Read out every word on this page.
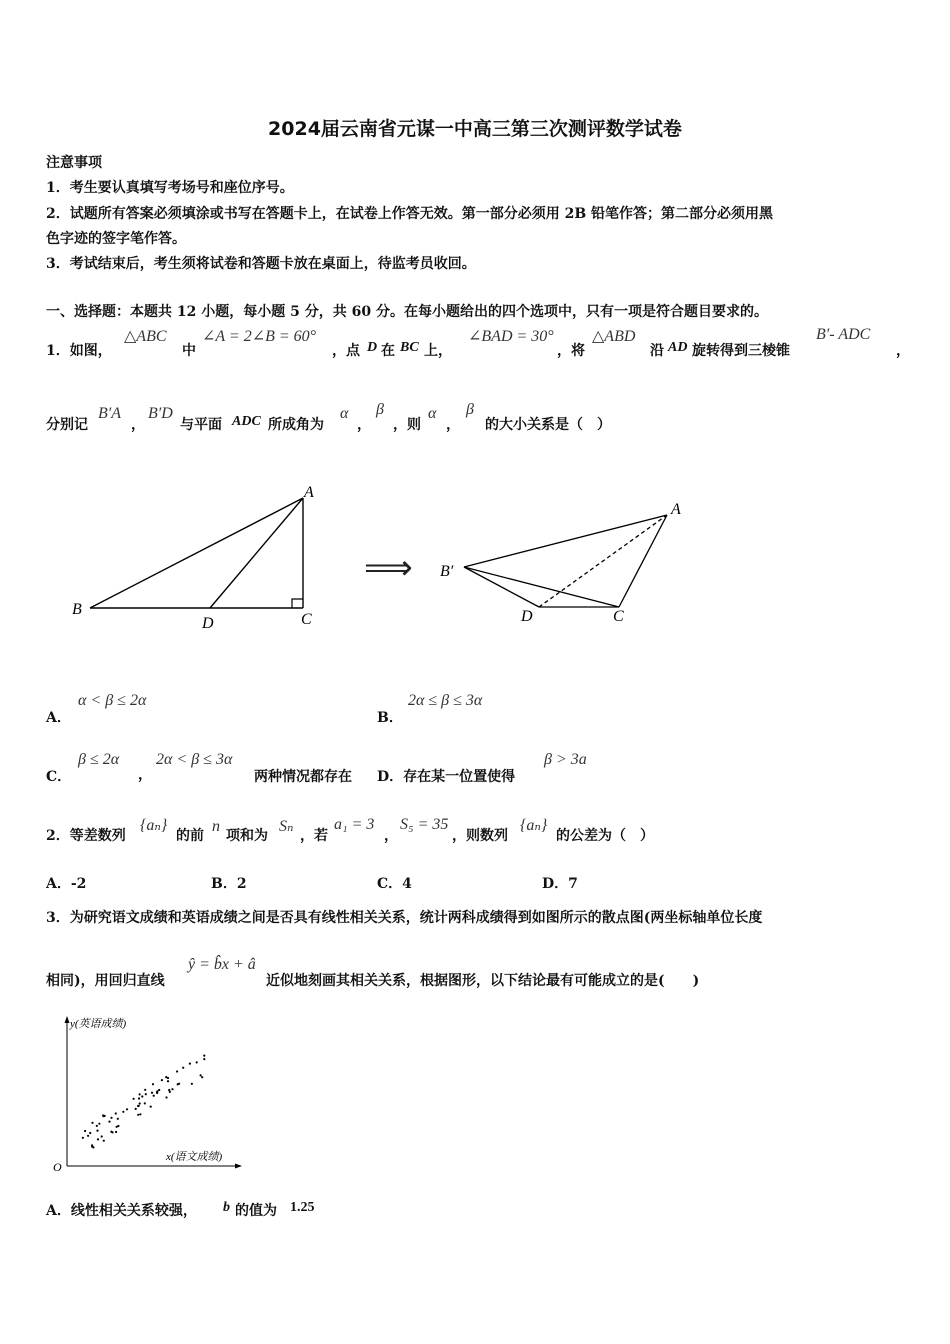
2024届云南省元谋一中高三第三次测评数学试卷
注意事项
1．考生要认真填写考场号和座位序号。
2．试题所有答案必须填涂或书写在答题卡上，在试卷上作答无效。第一部分必须用 2B 铅笔作答；第二部分必须用黑
色字迹的签字笔作答。
3．考试结束后，考生须将试卷和答题卡放在桌面上，待监考员收回。
一、选择题：本题共 12 小题，每小题 5 分，共 60 分。在每小题给出的四个选项中，只有一项是符合题目要求的。
1．如图，
△ABC
中
∠A = 2∠B = 60°
，点 D 在 BC 上，
∠BAD = 30°
，将
△ABD
沿 AD 旋转得到三棱锥
B′- ADC
，
分别记
B′A
，
B′D
与平面 ADC 所成角为
α
，
β
，则
α
，
β
的大小关系是（　）
A
B
C
D
⟹
A
B′
C
D
A．
α < β ≤ 2α
B．
2α ≤ β ≤ 3α
C．
β ≤ 2α
，
2α < β ≤ 3α
两种情况都存在 D．存在某一位置使得
β > 3a
2．等差数列
{aₙ}
的前
n
项和为
Sₙ
，若
a₁ = 3
，
S₅ = 35
，则数列
{aₙ}
的公差为（　）
A．-2	B．2	C．4	D．7
3．为研究语文成绩和英语成绩之间是否具有线性相关关系，统计两科成绩得到如图所示的散点图(两坐标轴单位长度
相同)，用回归直线
ŷ = b̂x + â
近似地刻画其相关关系，根据图形，以下结论最有可能成立的是(　　)
y(英语成绩)
x(语文成绩)
O
A．线性相关关系较强， b 的值为 1.25
